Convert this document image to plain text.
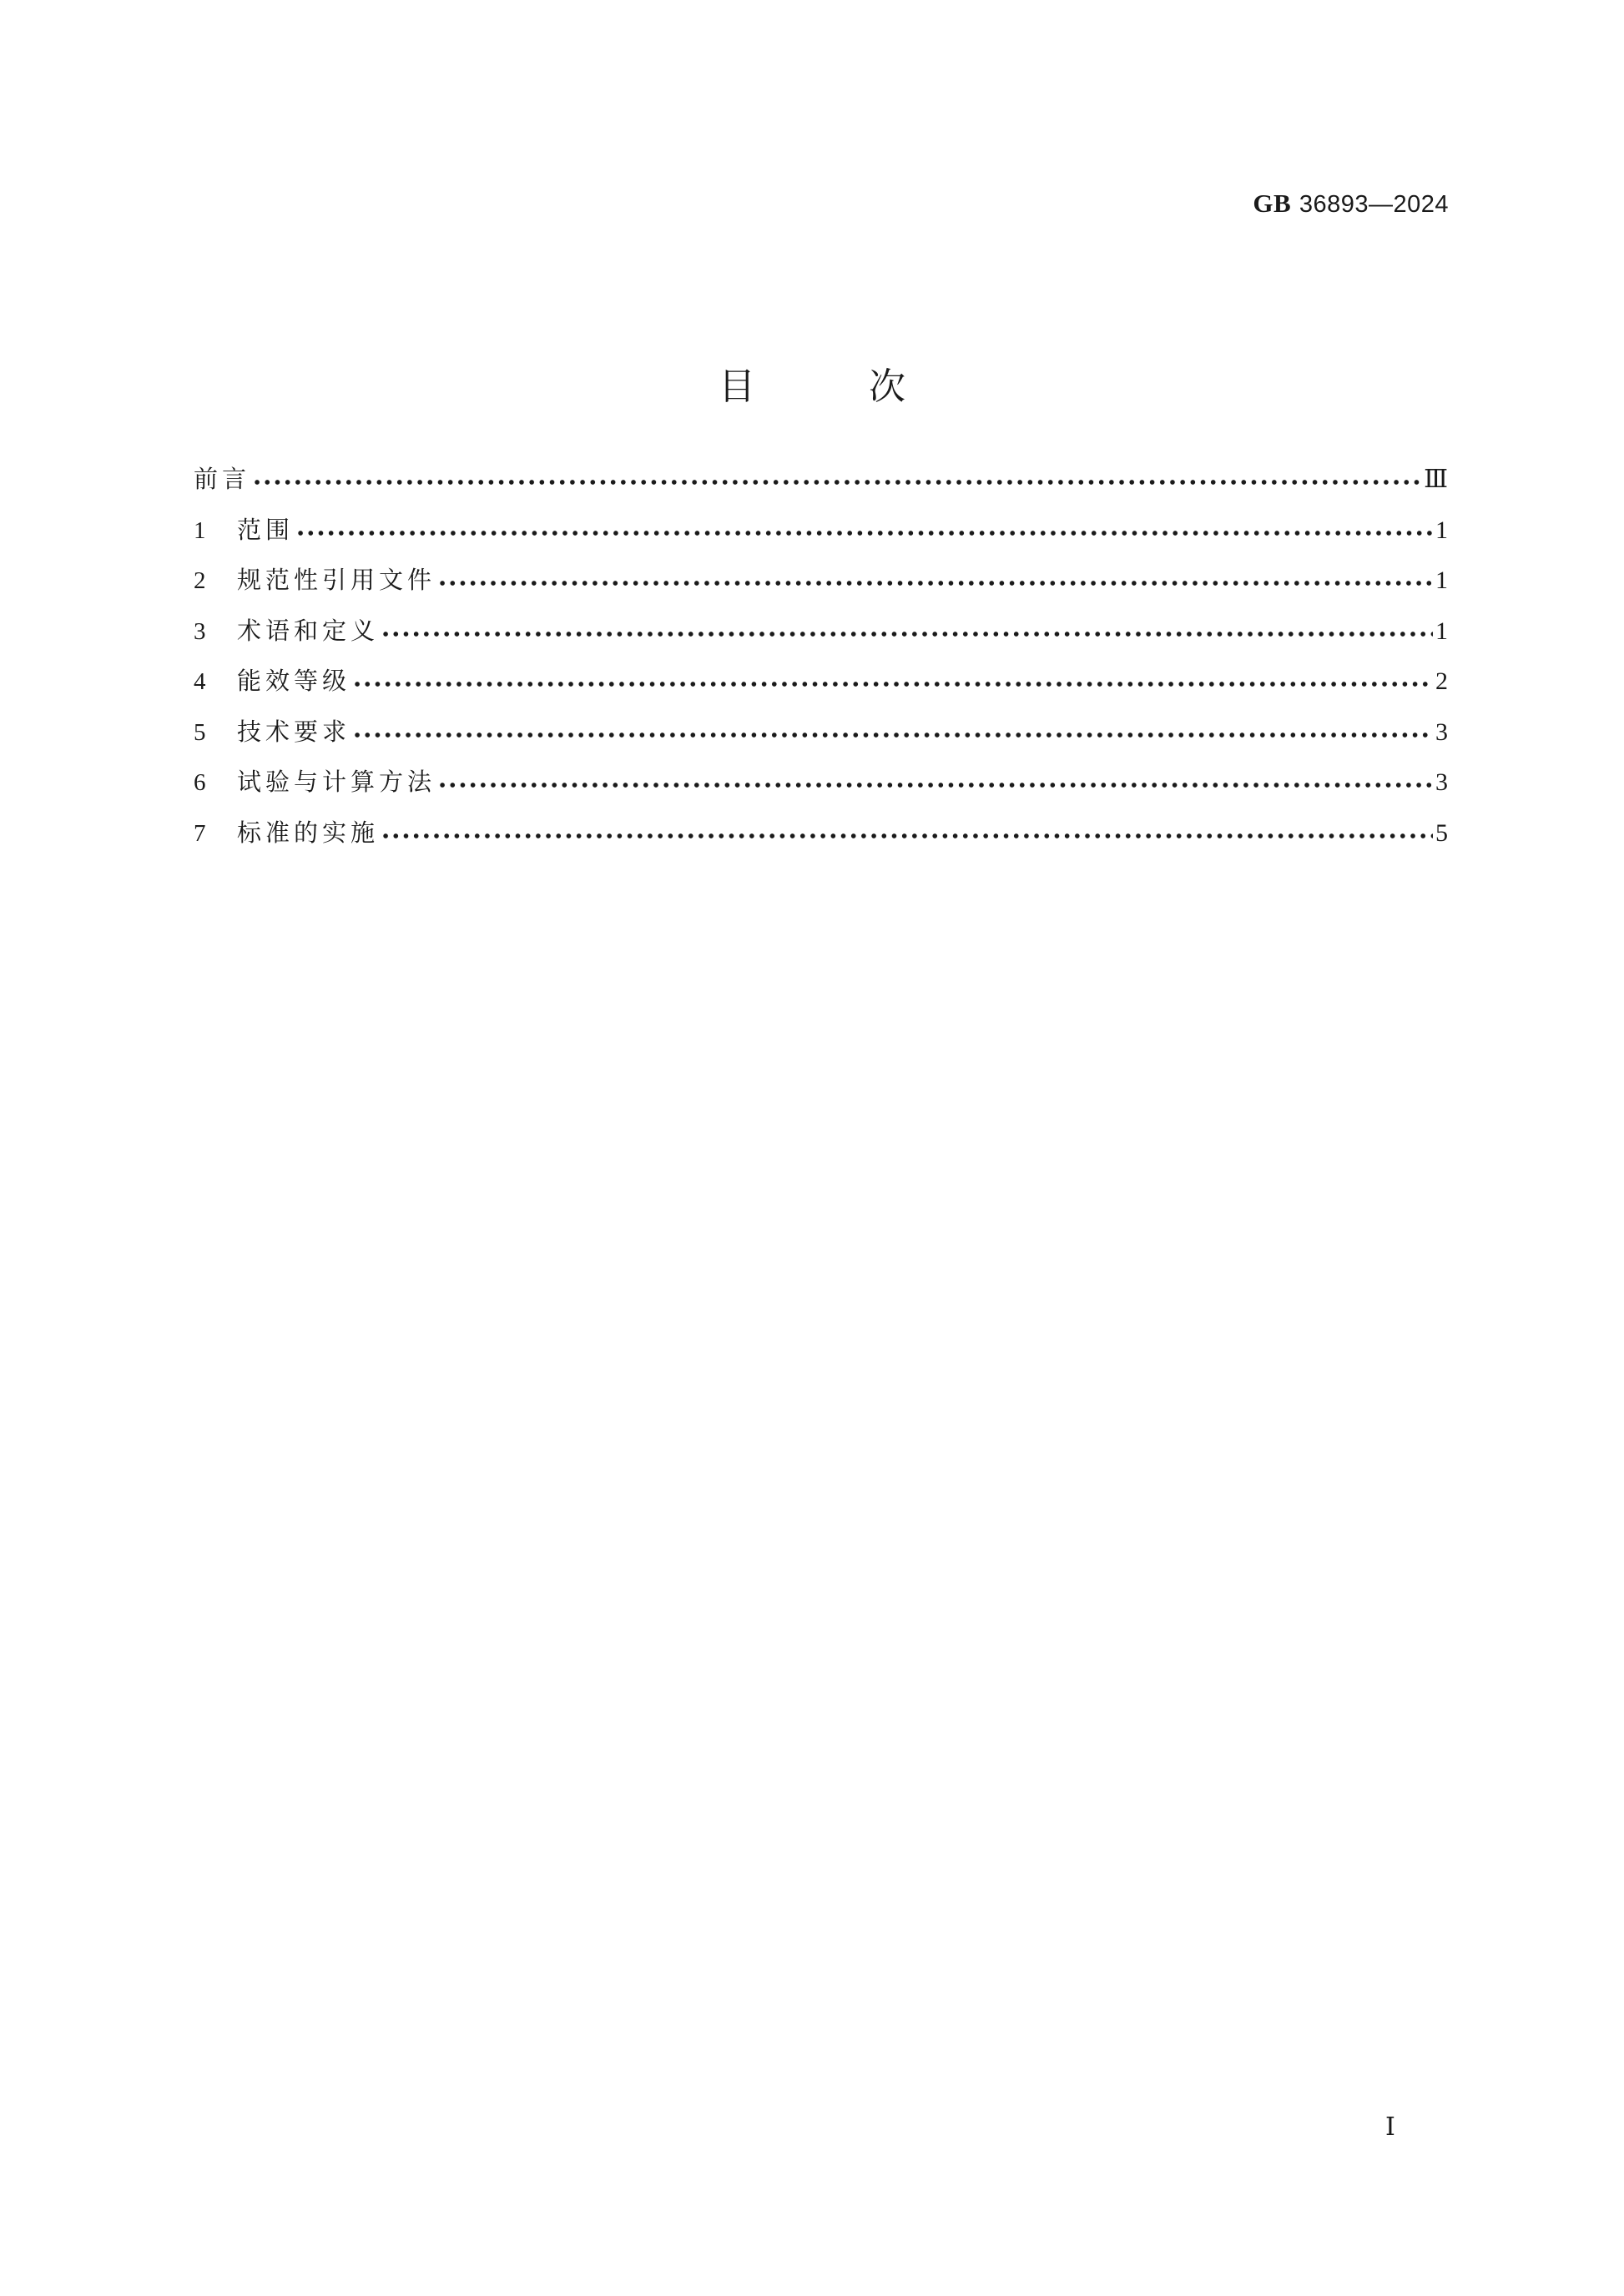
GB 36893—2024
目	次
前言	Ⅲ
1	范围	1
2	规范性引用文件	1
3	术语和定义	1
4	能效等级	2
5	技术要求	3
6	试验与计算方法	3
7	标准的实施	5
Ⅰ
